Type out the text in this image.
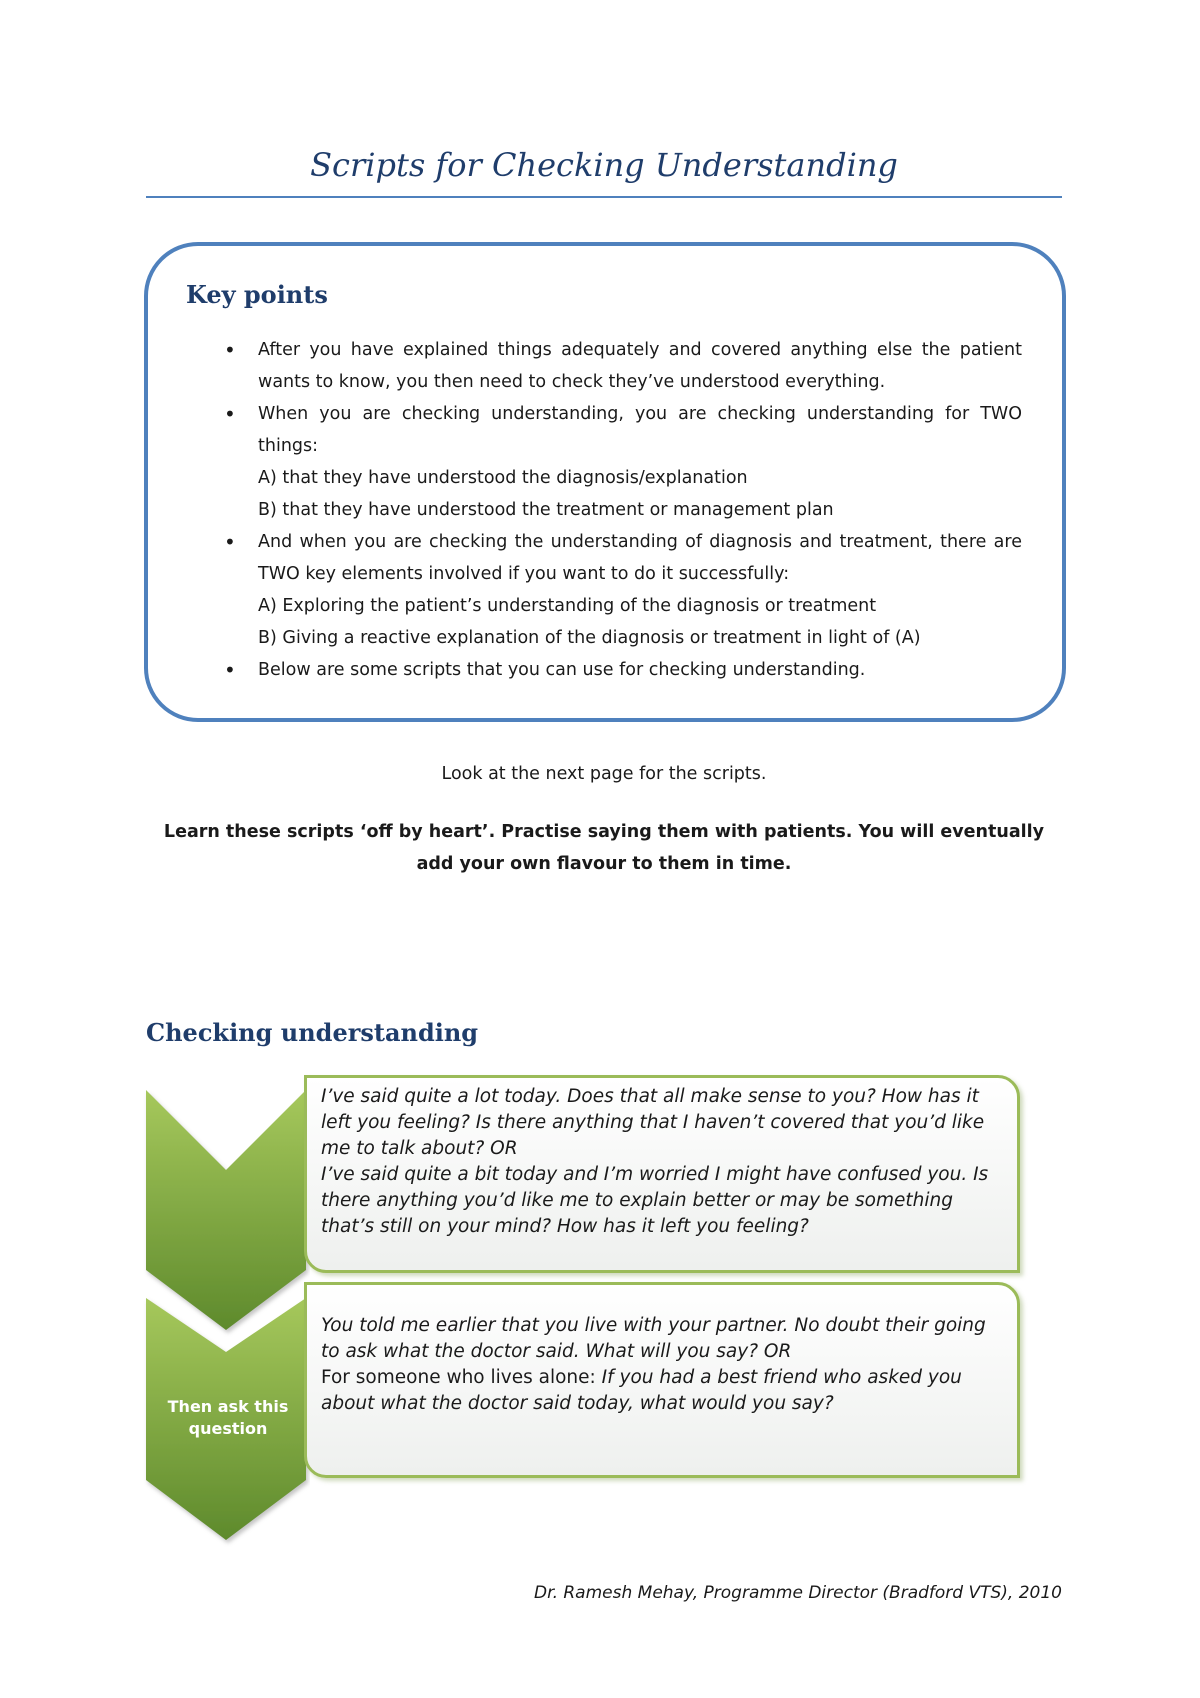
Scripts for Checking Understanding
Key points
• After you have explained things adequately and covered anything else the patient wants to know, you then need to check they’ve understood everything.
• When you are checking understanding, you are checking understanding for TWO things:
A) that they have understood the diagnosis/explanation
B) that they have understood the treatment or management plan
• And when you are checking the understanding of diagnosis and treatment, there are TWO key elements involved if you want to do it successfully:
A) Exploring the patient’s understanding of the diagnosis or treatment
B) Giving a reactive explanation of the diagnosis or treatment in light of (A)
• Below are some scripts that you can use for checking understanding.

Look at the next page for the scripts.

Learn these scripts ‘off by heart’. Practise saying them with patients. You will eventually add your own flavour to them in time.

Checking understanding

Then ask this question

I’ve said quite a lot today. Does that all make sense to you? How has it left you feeling? Is there anything that I haven’t covered that you’d like me to talk about? OR

I’ve said quite a bit today and I’m worried I might have confused you. Is there anything you’d like me to explain better or may be something that’s still on your mind? How has it left you feeling?

You told me earlier that you live with your partner. No doubt their going to ask what the doctor said. What will you say? OR

For someone who lives alone: If you had a best friend who asked you about what the doctor said today, what would you say?

Dr. Ramesh Mehay, Programme Director (Bradford VTS), 2010
